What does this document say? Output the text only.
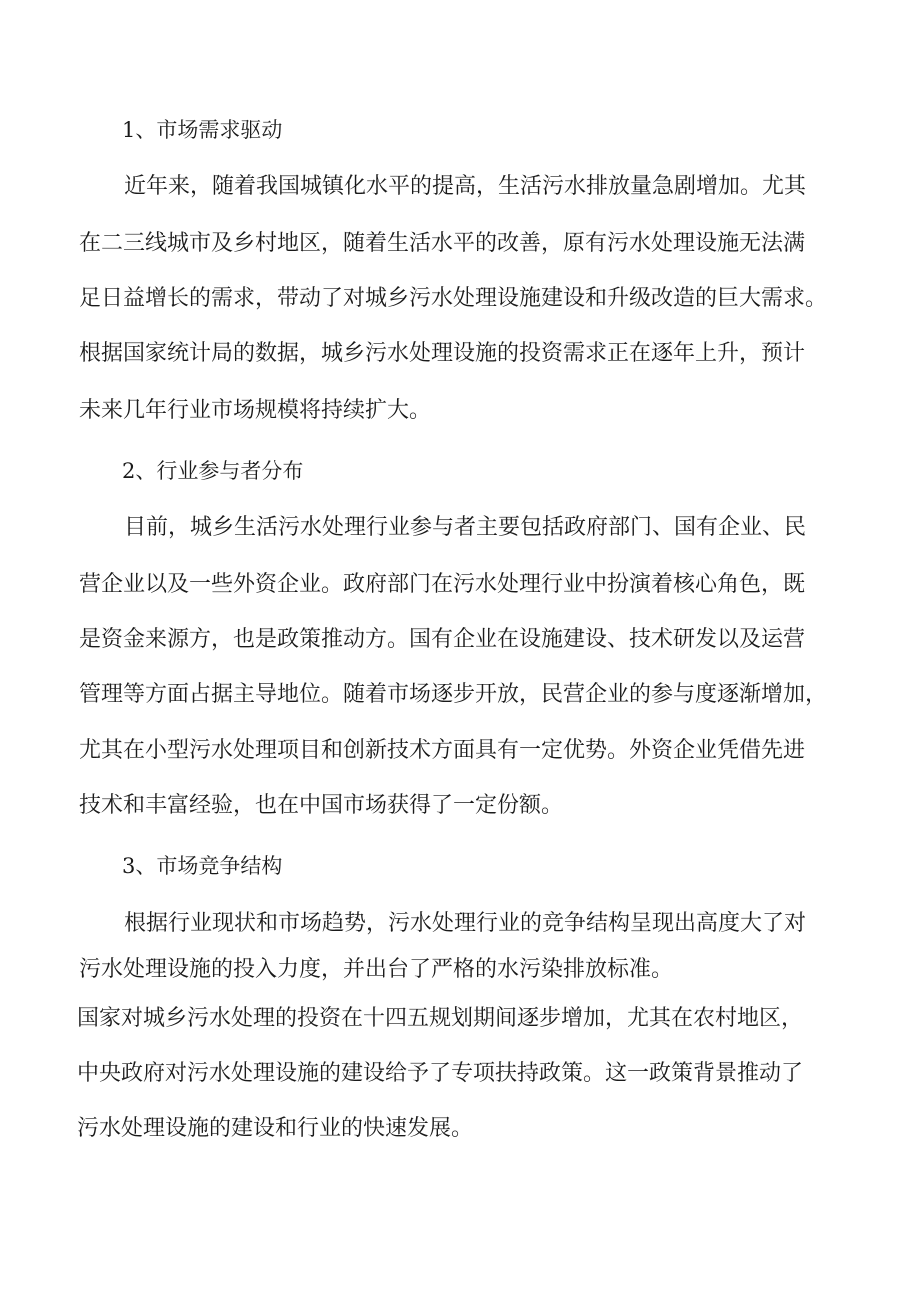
1、市场需求驱动
近年来，随着我国城镇化水平的提高，生活污水排放量急剧增加。尤其
在二三线城市及乡村地区，随着生活水平的改善，原有污水处理设施无法满
足日益增长的需求，带动了对城乡污水处理设施建设和升级改造的巨大需求。
根据国家统计局的数据，城乡污水处理设施的投资需求正在逐年上升，预计
未来几年行业市场规模将持续扩大。
2、行业参与者分布
目前，城乡生活污水处理行业参与者主要包括政府部门、国有企业、民
营企业以及一些外资企业。政府部门在污水处理行业中扮演着核心角色，既
是资金来源方，也是政策推动方。国有企业在设施建设、技术研发以及运营
管理等方面占据主导地位。随着市场逐步开放，民营企业的参与度逐渐增加，
尤其在小型污水处理项目和创新技术方面具有一定优势。外资企业凭借先进
技术和丰富经验，也在中国市场获得了一定份额。
3、市场竞争结构
根据行业现状和市场趋势，污水处理行业的竞争结构呈现出高度大了对
污水处理设施的投入力度，并出台了严格的水污染排放标准。
国家对城乡污水处理的投资在十四五规划期间逐步增加，尤其在农村地区，
中央政府对污水处理设施的建设给予了专项扶持政策。这一政策背景推动了
污水处理设施的建设和行业的快速发展。
